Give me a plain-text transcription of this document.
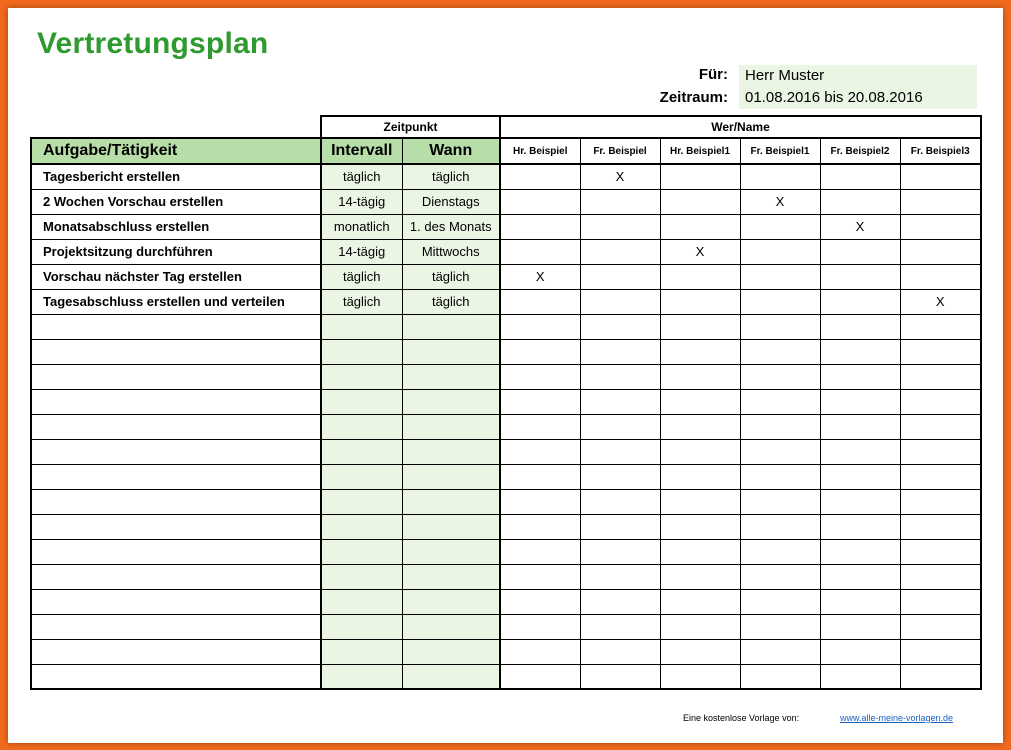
Vertretungsplan
Für:	Herr Muster
Zeitraum:	01.08.2016 bis 20.08.2016
	Zeitpunkt		Wer/Name					
Aufgabe/Tätigkeit	Intervall	Wann	Hr. Beispiel	Fr. Beispiel	Hr. Beispiel1	Fr. Beispiel1	Fr. Beispiel2	Fr. Beispiel3
Tagesbericht erstellen	täglich	täglich		X				
2 Wochen Vorschau erstellen	14-tägig	Dienstags				X		
Monatsabschluss erstellen	monatlich	1. des Monats					X	
Projektsitzung durchführen	14-tägig	Mittwochs			X			
Vorschau nächster Tag erstellen	täglich	täglich	X					
Tagesabschluss erstellen und verteilen	täglich	täglich						X

Eine kostenlose Vorlage von:	www.alle-meine-vorlagen.de
